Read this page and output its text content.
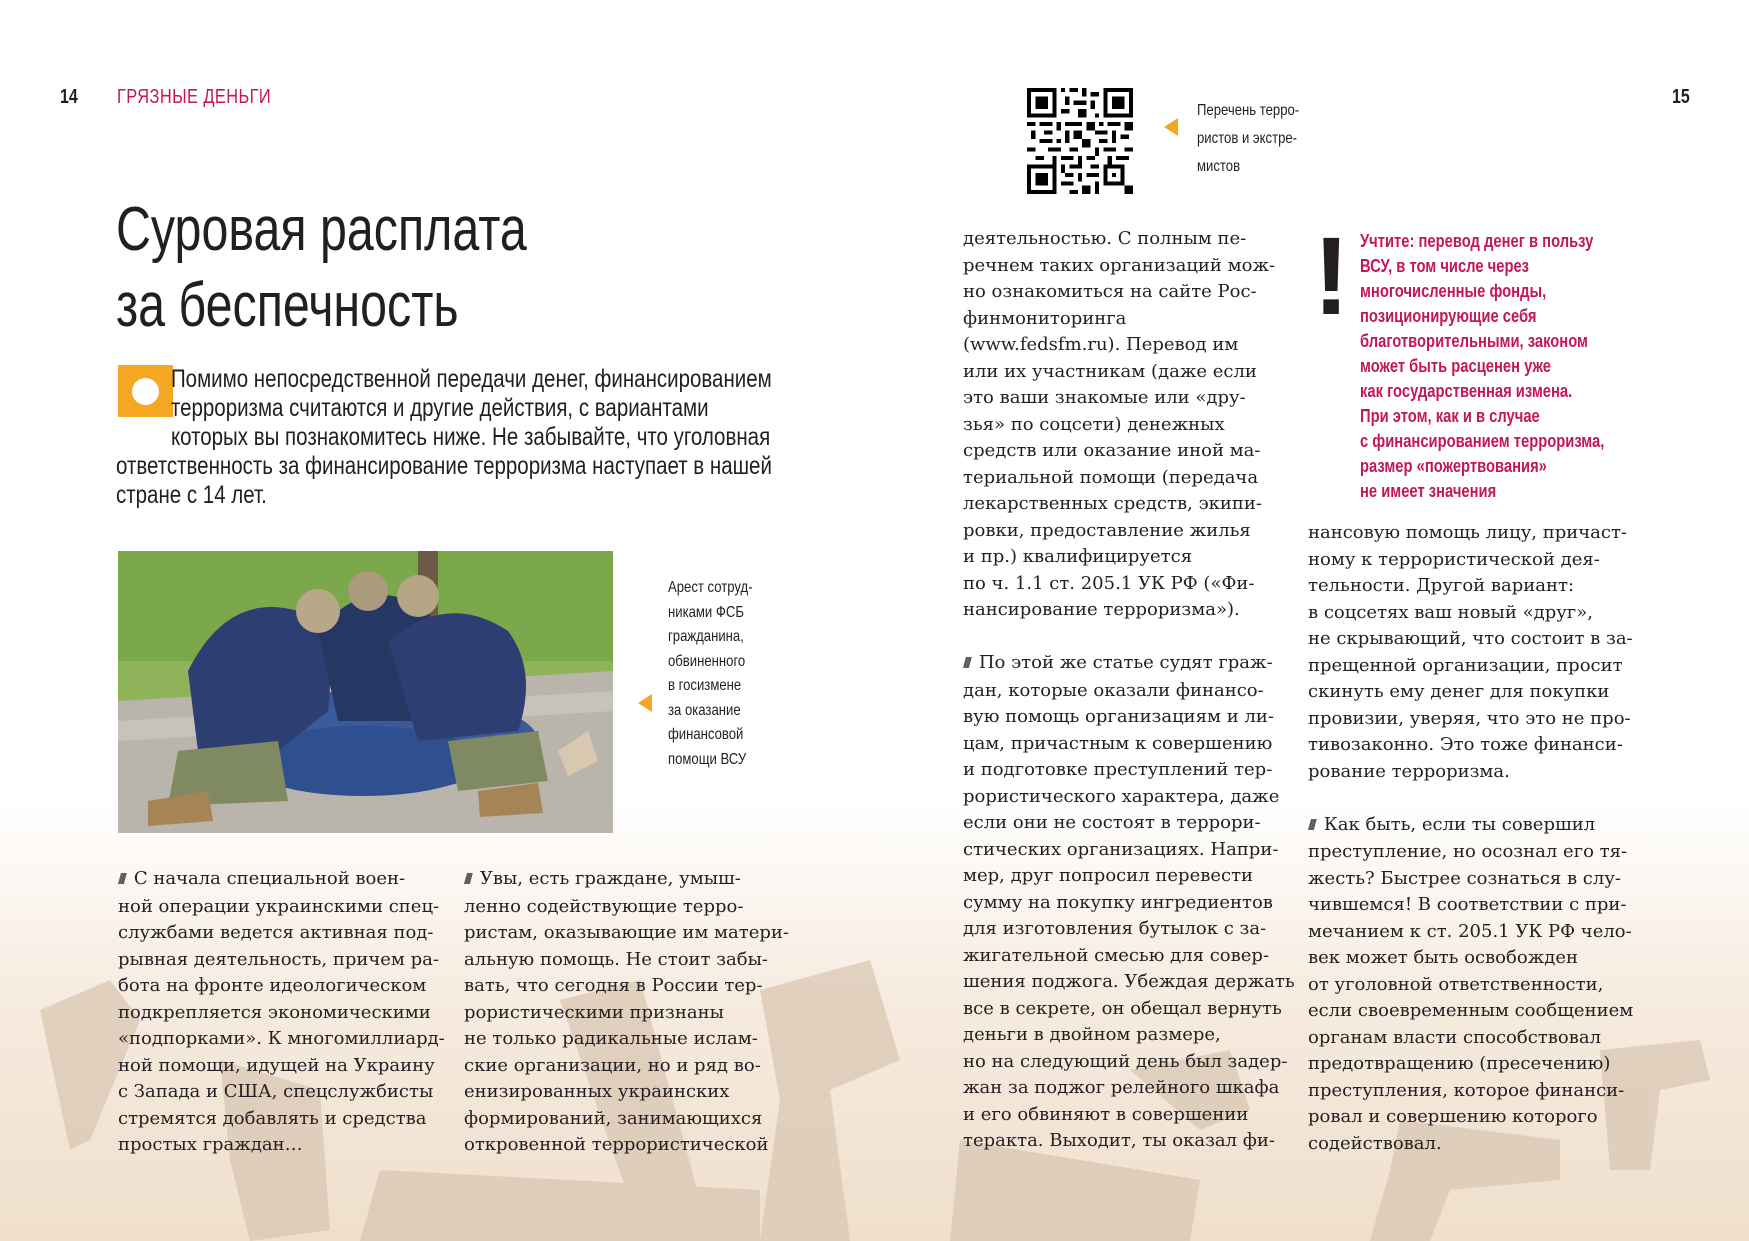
14 ГРЯЗНЫЕ ДЕНЬГИ	15
Суровая расплата
за беспечность
Помимо непосредственной передачи денег, финансированием
терроризма считаются и другие действия, с вариантами
которых вы познакомитесь ниже. Не забывайте, что уголовная
ответственность за финансирование терроризма наступает в нашей
стране с 14 лет.
Арест сотруд-
никами ФСБ
гражданина,
обвиненного
в госизмене
за оказание
финансовой
помощи ВСУ
Перечень терро-
ристов и экстре-
мистов
///// С начала специальной воен-
ной операции украинскими спец-
службами ведется активная под-
рывная деятельность, причем ра-
бота на фронте идеологическом
подкрепляется экономическими
«подпорками». К многомиллиард-
ной помощи, идущей на Украину
с Запада и США, спецслужбисты
стремятся добавлять и средства
простых граждан…
///// Увы, есть граждане, умыш-
ленно содействующие терро-
ристам, оказывающие им матери-
альную помощь. Не стоит забы-
вать, что сегодня в России тер-
рористическими признаны
не только радикальные ислам-
ские организации, но и ряд во-
енизированных украинских
формирований, занимающихся
откровенной террористической
деятельностью. С полным пе-
речнем таких организаций мож-
но ознакомиться на сайте Рос-
финмониторинга
(www.fedsfm.ru). Перевод им
или их участникам (даже если
это ваши знакомые или «дру-
зья» по соцсети) денежных
средств или оказание иной ма-
териальной помощи (передача
лекарственных средств, экипи-
ровки, предоставление жилья
и пр.) квалифицируется
по ч. 1.1 ст. 205.1 УК РФ («Фи-
нансирование терроризма»).
///// По этой же статье судят граж-
дан, которые оказали финансо-
вую помощь организациям и ли-
цам, причастным к совершению
и подготовке преступлений тер-
рористического характера, даже
если они не состоят в террори-
стических организациях. Напри-
мер, друг попросил перевести
сумму на покупку ингредиентов
для изготовления бутылок с за-
жигательной смесью для совер-
шения поджога. Убеждая держать
все в секрете, он обещал вернуть
деньги в двойном размере,
но на следующий день был задер-
жан за поджог релейного шкафа
и его обвиняют в совершении
теракта. Выходит, ты оказал фи-
! Учтите: перевод денег в пользу
ВСУ, в том числе через
многочисленные фонды,
позиционирующие себя
благотворительными, законом
может быть расценен уже
как государственная измена.
При этом, как и в случае
с финансированием терроризма,
размер «пожертвования»
не имеет значения
нансовую помощь лицу, причаст-
ному к террористической дея-
тельности. Другой вариант:
в соцсетях ваш новый «друг»,
не скрывающий, что состоит в за-
прещенной организации, просит
скинуть ему денег для покупки
провизии, уверяя, что это не про-
тивозаконно. Это тоже финанси-
рование терроризма.
///// Как быть, если ты совершил
преступление, но осознал его тя-
жесть? Быстрее сознаться в слу-
чившемся! В соответствии с при-
мечанием к ст. 205.1 УК РФ чело-
век может быть освобожден
от уголовной ответственности,
если своевременным сообщением
органам власти способствовал
предотвращению (пресечению)
преступления, которое финанси-
ровал и совершению которого
содействовал.
